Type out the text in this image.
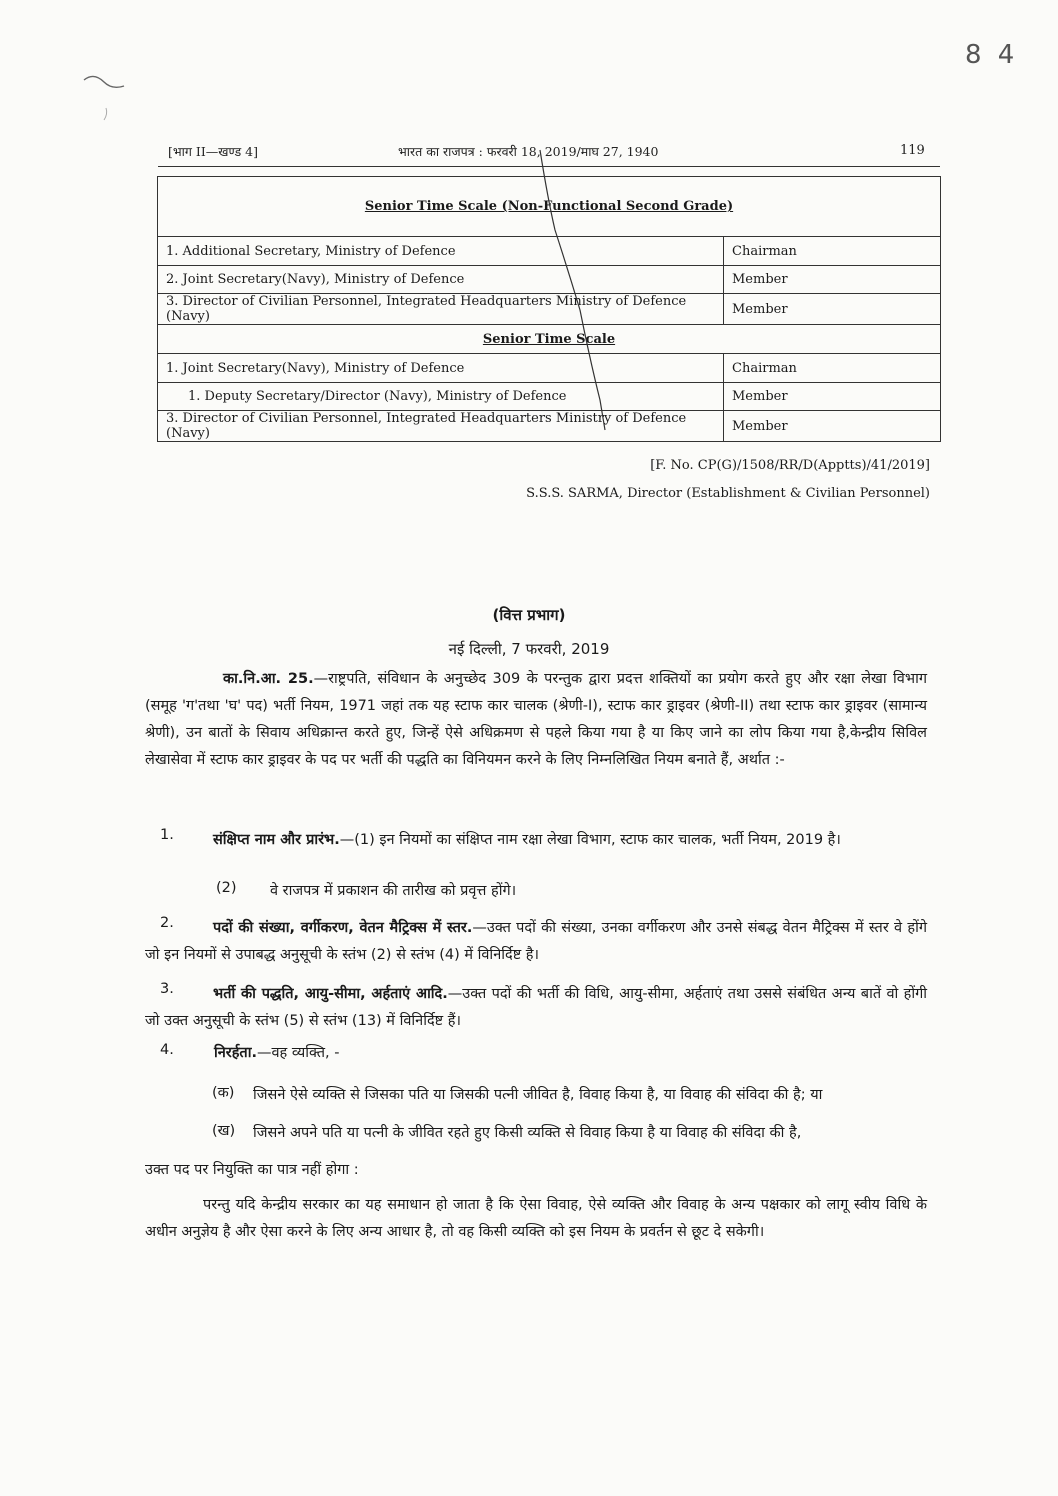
8 4
[भाग II—खण्ड 4]	भारत का राजपत्र : फरवरी 18, 2019/माघ 27, 1940	119
Senior Time Scale (Non-Functional Second Grade)	
1. Additional Secretary, Ministry of Defence	Chairman
2. Joint Secretary(Navy), Ministry of Defence	Member
3. Director of Civilian Personnel, Integrated Headquarters Ministry of Defence (Navy)	Member
Senior Time Scale	
1. Joint Secretary(Navy), Ministry of Defence	Chairman
1. Deputy Secretary/Director (Navy), Ministry of Defence	Member
3. Director of Civilian Personnel, Integrated Headquarters Ministry of Defence (Navy)	Member
[F. No. CP(G)/1508/RR/D(Apptts)/41/2019]
S.S.S. SARMA, Director (Establishment & Civilian Personnel)
(वित्त प्रभाग)
नई दिल्ली, 7 फरवरी, 2019
का.नि.आ. 25.—राष्ट्रपति, संविधान के अनुच्छेद 309 के परन्तुक द्वारा प्रदत्त शक्तियों का प्रयोग करते हुए और रक्षा लेखा विभाग (समूह 'ग'तथा 'घ' पद) भर्ती नियम, 1971 जहां तक यह स्टाफ कार चालक (श्रेणी-I), स्टाफ कार ड्राइवर (श्रेणी-II) तथा स्टाफ कार ड्राइवर (सामान्य श्रेणी), उन बातों के सिवाय अधिक्रान्त करते हुए, जिन्हें ऐसे अधिक्रमण से पहले किया गया है या किए जाने का लोप किया गया है,केन्द्रीय सिविल लेखासेवा में स्टाफ कार ड्राइवर के पद पर भर्ती की पद्धति का विनियमन करने के लिए निम्नलिखित नियम बनाते हैं, अर्थात :-
1.	संक्षिप्त नाम और प्रारंभ.—(1) इन नियमों का संक्षिप्त नाम रक्षा लेखा विभाग, स्टाफ कार चालक, भर्ती नियम, 2019 है।
(2) वे राजपत्र में प्रकाशन की तारीख को प्रवृत्त होंगे।
2.	पदों की संख्या, वर्गीकरण, वेतन मैट्रिक्स में स्तर.—उक्त पदों की संख्या, उनका वर्गीकरण और उनसे संबद्ध वेतन मैट्रिक्स में स्तर वे होंगे जो इन नियमों से उपाबद्ध अनुसूची के स्तंभ (2) से स्तंभ (4) में विनिर्दिष्ट है।
3.	भर्ती की पद्धति, आयु-सीमा, अर्हताएं आदि.—उक्त पदों की भर्ती की विधि, आयु-सीमा, अर्हताएं तथा उससे संबंधित अन्य बातें वो होंगी जो उक्त अनुसूची के स्तंभ (5) से स्तंभ (13) में विनिर्दिष्ट हैं।
4.	निरर्हता.—वह व्यक्ति, -
(क) जिसने ऐसे व्यक्ति से जिसका पति या जिसकी पत्नी जीवित है, विवाह किया है, या विवाह की संविदा की है; या
(ख) जिसने अपने पति या पत्नी के जीवित रहते हुए किसी व्यक्ति से विवाह किया है या विवाह की संविदा की है,
उक्त पद पर नियुक्ति का पात्र नहीं होगा :
परन्तु यदि केन्द्रीय सरकार का यह समाधान हो जाता है कि ऐसा विवाह, ऐसे व्यक्ति और विवाह के अन्य पक्षकार को लागू स्वीय विधि के अधीन अनुज्ञेय है और ऐसा करने के लिए अन्य आधार है, तो वह किसी व्यक्ति को इस नियम के प्रवर्तन से छूट दे सकेगी।
